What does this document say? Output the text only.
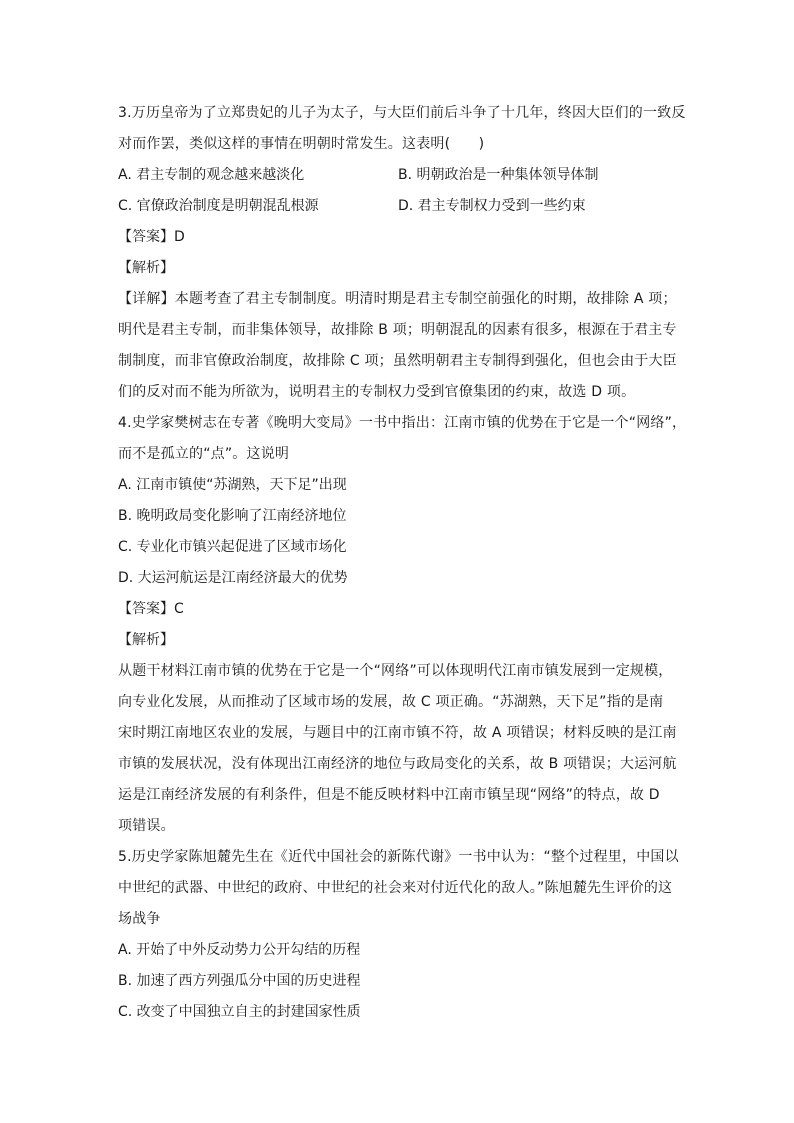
3.万历皇帝为了立郑贵妃的儿子为太子，与大臣们前后斗争了十几年，终因大臣们的一致反
对而作罢，类似这样的事情在明朝时常发生。这表明(　　)

A. 君主专制的观念越来越淡化	B. 明朝政治是一种集体领导体制
C. 官僚政治制度是明朝混乱根源	D. 君主专制权力受到一些约束
【答案】D
【解析】

【详解】本题考查了君主专制制度。明清时期是君主专制空前强化的时期，故排除 A 项；
明代是君主专制，而非集体领导，故排除 B 项；明朝混乱的因素有很多，根源在于君主专
制制度，而非官僚政治制度，故排除 C 项；虽然明朝君主专制得到强化，但也会由于大臣
们的反对而不能为所欲为，说明君主的专制权力受到官僚集团的约束，故选 D 项。

4.史学家樊树志在专著《晚明大变局》一书中指出：江南市镇的优势在于它是一个“网络”，
而不是孤立的“点”。这说明

A. 江南市镇使“苏湖熟，天下足”出现
B. 晚明政局变化影响了江南经济地位
C. 专业化市镇兴起促进了区域市场化
D. 大运河航运是江南经济最大的优势
【答案】C
【解析】

从题干材料江南市镇的优势在于它是一个“网络”可以体现明代江南市镇发展到一定规模，
向专业化发展，从而推动了区域市场的发展，故 C 项正确。“苏湖熟，天下足”指的是南
宋时期江南地区农业的发展，与题目中的江南市镇不符，故 A 项错误；材料反映的是江南
市镇的发展状况，没有体现出江南经济的地位与政局变化的关系，故 B 项错误；大运河航
运是江南经济发展的有利条件，但是不能反映材料中江南市镇呈现“网络”的特点，故 D
项错误。

5.历史学家陈旭麓先生在《近代中国社会的新陈代谢》一书中认为：“整个过程里，中国以
中世纪的武器、中世纪的政府、中世纪的社会来对付近代化的敌人。”陈旭麓先生评价的这
场战争

A. 开始了中外反动势力公开勾结的历程
B. 加速了西方列强瓜分中国的历史进程
C. 改变了中国独立自主的封建国家性质
